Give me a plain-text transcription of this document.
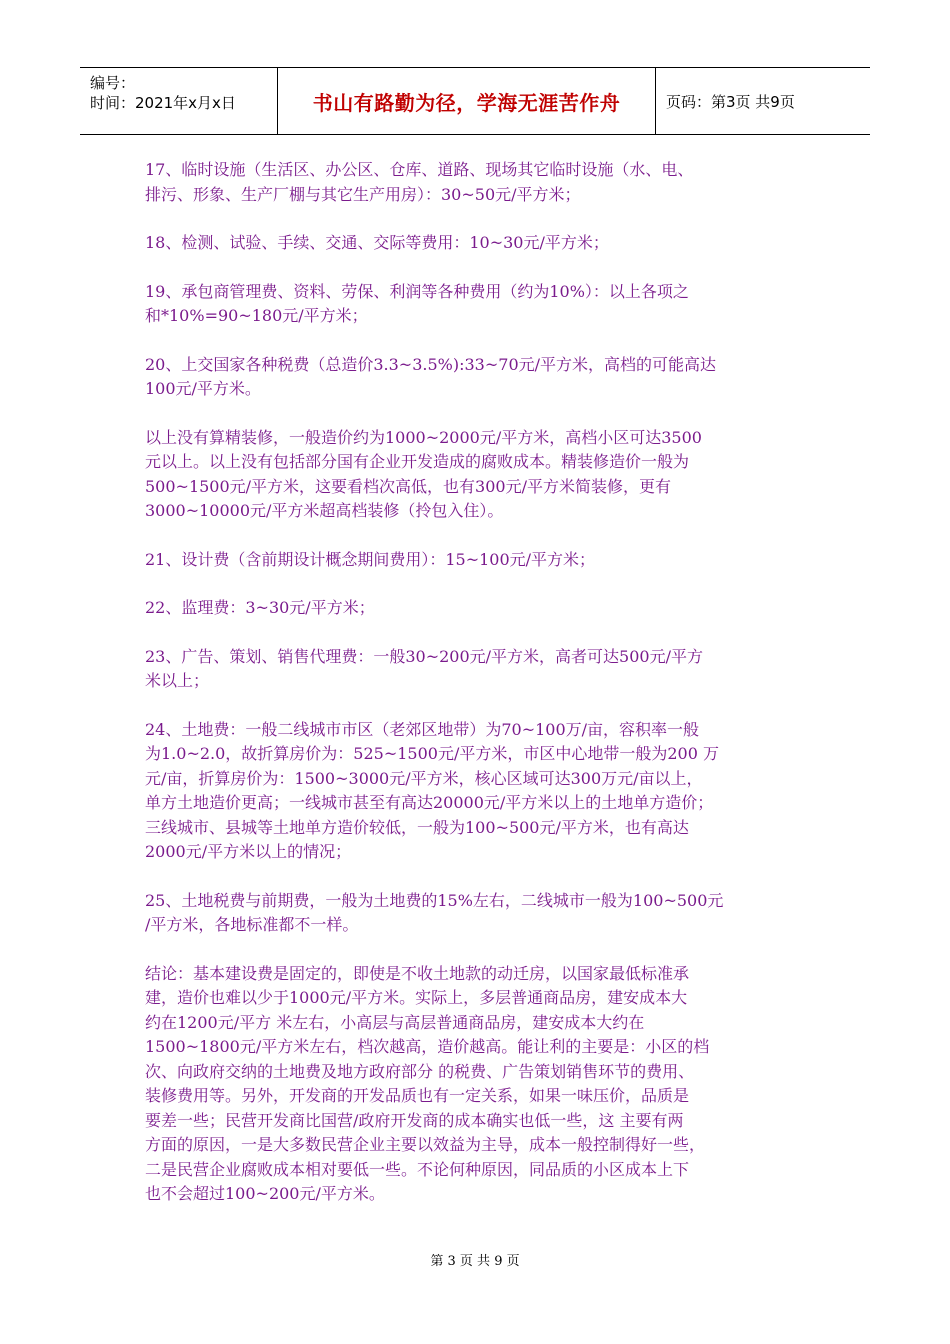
编号：
时间：2021年x月x日	书山有路勤为径，学海无涯苦作舟	页码：第3页 共9页
17、临时设施（生活区、办公区、仓库、道路、现场其它临时设施（水、电、
排污、形象、生产厂棚与其它生产用房）：30~50元/平方米；
18、检测、试验、手续、交通、交际等费用：10~30元/平方米；
19、承包商管理费、资料、劳保、利润等各种费用（约为10%）：以上各项之
和*10%=90~180元/平方米；
20、上交国家各种税费（总造价3.3~3.5%):33~70元/平方米，高档的可能高达
100元/平方米。
以上没有算精装修，一般造价约为1000~2000元/平方米，高档小区可达3500
元以上。以上没有包括部分国有企业开发造成的腐败成本。精装修造价一般为
500~1500元/平方米，这要看档次高低，也有300元/平方米简装修，更有
3000~10000元/平方米超高档装修（拎包入住）。
21、设计费（含前期设计概念期间费用）：15~100元/平方米；
22、监理费：3~30元/平方米；
23、广告、策划、销售代理费：一般30~200元/平方米，高者可达500元/平方
米以上；
24、土地费：一般二线城市市区（老郊区地带）为70~100万/亩，容积率一般
为1.0~2.0，故折算房价为：525~1500元/平方米，市区中心地带一般为200 万
元/亩，折算房价为：1500~3000元/平方米，核心区域可达300万元/亩以上，
单方土地造价更高；一线城市甚至有高达20000元/平方米以上的土地单方造价；
三线城市、县城等土地单方造价较低，一般为100~500元/平方米，也有高达
2000元/平方米以上的情况；
25、土地税费与前期费，一般为土地费的15%左右，二线城市一般为100~500元
/平方米，各地标准都不一样。
结论：基本建设费是固定的，即使是不收土地款的动迁房，以国家最低标准承
建，造价也难以少于1000元/平方米。实际上，多层普通商品房，建安成本大
约在1200元/平方 米左右，小高层与高层普通商品房，建安成本大约在
1500~1800元/平方米左右，档次越高，造价越高。能让利的主要是：小区的档
次、向政府交纳的土地费及地方政府部分 的税费、广告策划销售环节的费用、
装修费用等。另外，开发商的开发品质也有一定关系，如果一味压价，品质是
要差一些；民营开发商比国营/政府开发商的成本确实也低一些，这 主要有两
方面的原因，一是大多数民营企业主要以效益为主导，成本一般控制得好一些，
二是民营企业腐败成本相对要低一些。不论何种原因，同品质的小区成本上下
也不会超过100~200元/平方米。
第 3 页 共 9 页
